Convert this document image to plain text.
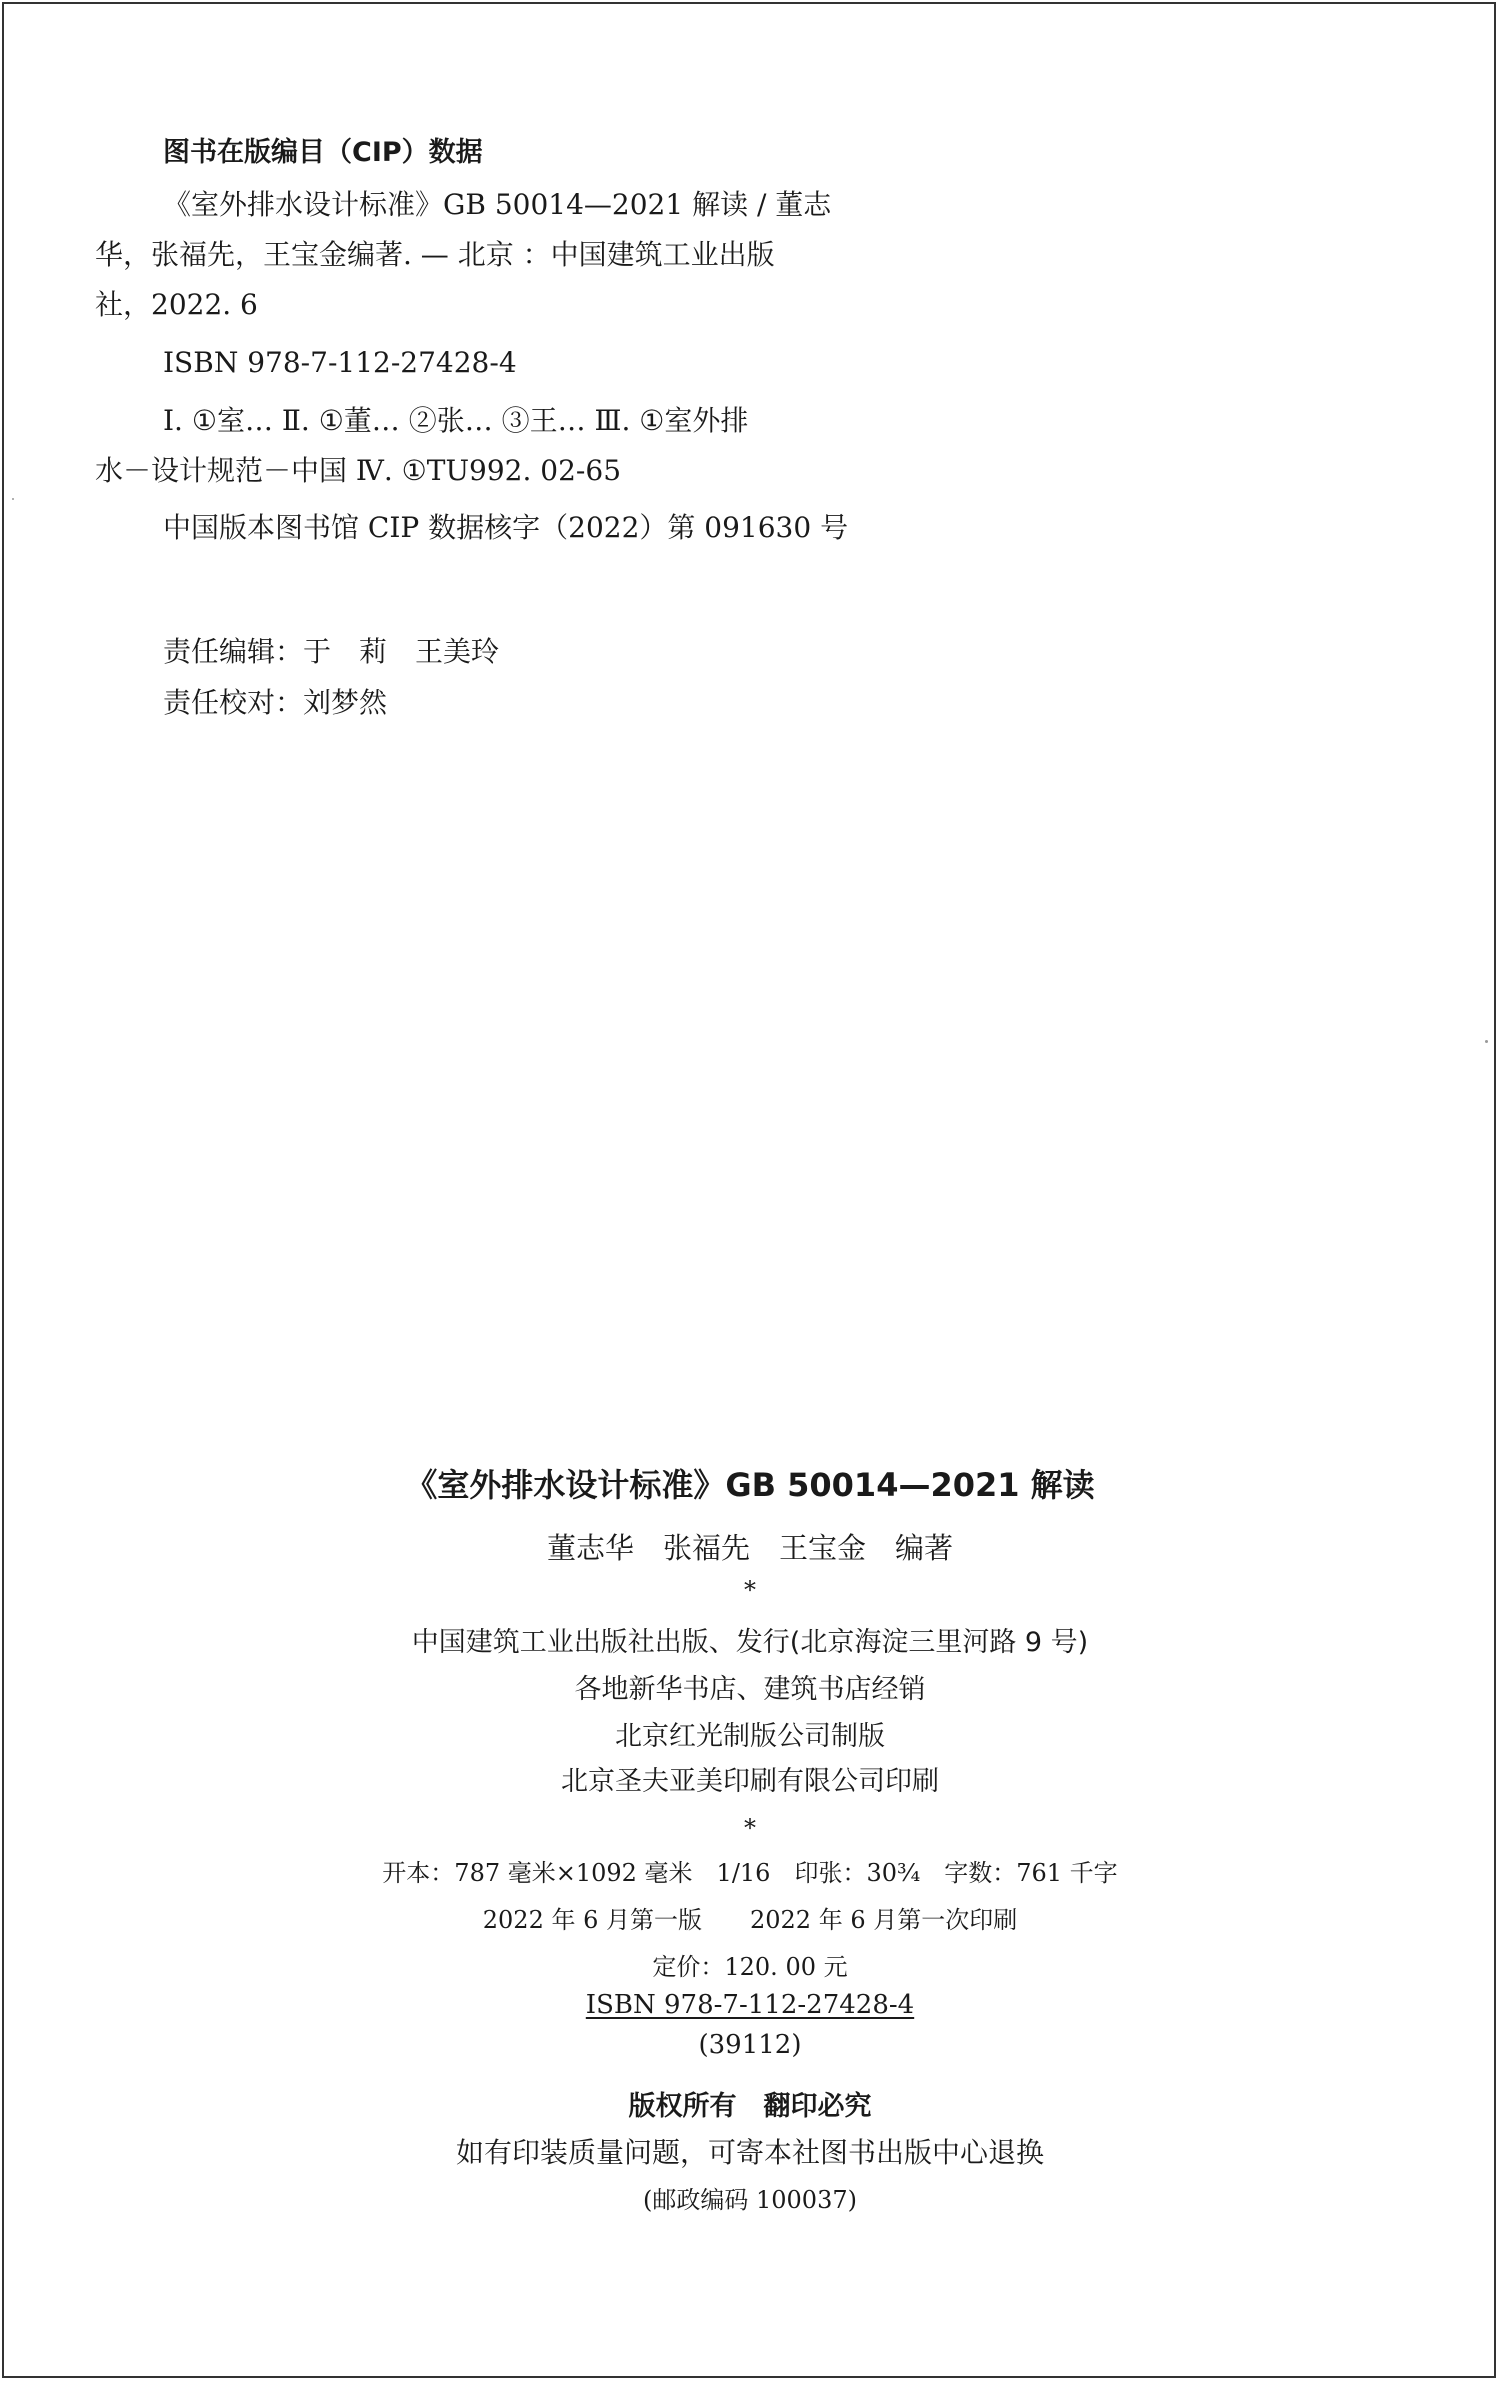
图书在版编目（CIP）数据
《室外排水设计标准》GB 50014—2021 解读 / 董志
华，张福先，王宝金编著. — 北京 ：中国建筑工业出版
社，2022. 6
ISBN 978-7-112-27428-4
Ⅰ. ①室… Ⅱ. ①董… ②张… ③王… Ⅲ. ①室外排
水－设计规范－中国 Ⅳ. ①TU992. 02-65
中国版本图书馆 CIP 数据核字（2022）第 091630 号
责任编辑：于　莉　王美玲
责任校对：刘梦然
《室外排水设计标准》GB 50014—2021 解读
董志华　张福先　王宝金　编著
*
中国建筑工业出版社出版、发行(北京海淀三里河路 9 号)
各地新华书店、建筑书店经销
北京红光制版公司制版
北京圣夫亚美印刷有限公司印刷
*
开本：787 毫米×1092 毫米　1/16　印张：30¾　字数：761 千字
2022 年 6 月第一版　　2022 年 6 月第一次印刷
定价：120. 00 元
ISBN 978-7-112-27428-4
(39112)
版权所有　翻印必究
如有印装质量问题，可寄本社图书出版中心退换
(邮政编码 100037)
